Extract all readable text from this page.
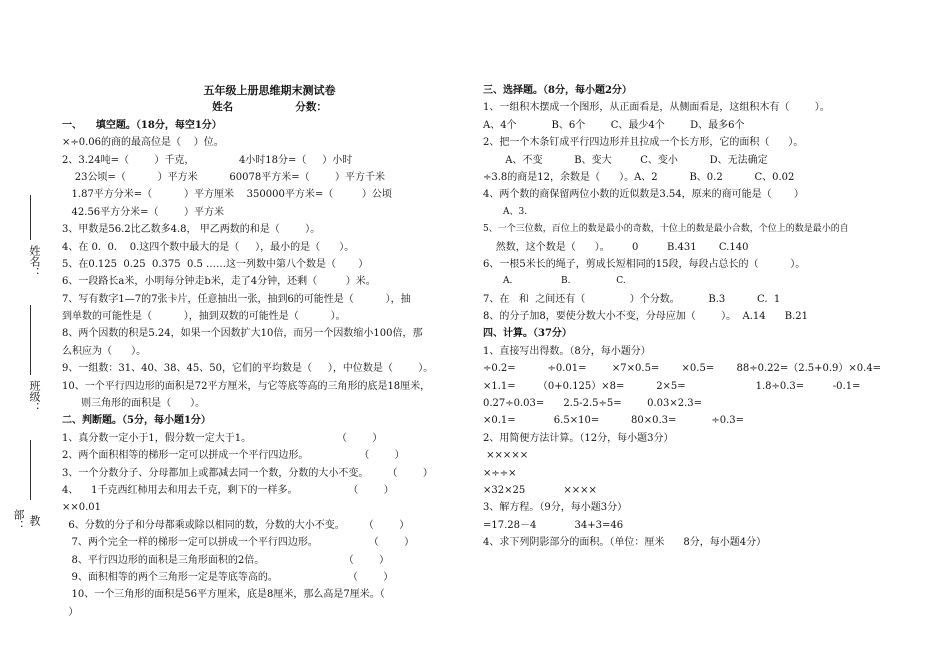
姓名：
班级：
教部：
五年级上册思维期末测试卷
姓名                 分数：
一、    填空题。（18分，每空1分）
×÷0.06的商的最高位是（    ）位。
2、3.24吨=（        ）千克，              4小时18分=（     ）小时
23公顷=（          ）平方米          60078平方米=（        ）平方千米
1.87平方分米=（          ）平方厘米    350000平方米=（         ）公顷
42.56平方分米=（        ）平方米
3、甲数是56.2比乙数多4.8， 甲乙两数的和是（        ）。
4、在 0.  0.    0.这四个数中最大的是（     ），最小的是（      ）。
5、在0.125  0.25  0.375  0.5 ……这一列数中第八个数是（       ）
6、一段路长a米，小明每分钟走b米，走了4分钟，还剩（         ）米。
7、写有数字1—7的7张卡片，任意抽出一张，抽到6的可能性是（          ），抽
到单数的可能性是（          ），抽到双数的可能性是（          ）。
8、两个因数的积是5.24，如果一个因数扩大10倍，而另一个因数缩小100倍，那
么积应为（      ）。
9、一组数：31、40、38、45、50，它们的平均数是（     ），中位数是（        ）。
10、一个平行四边形的面积是72平方厘米，与它等底等高的三角形的底是18厘米，
则三角形的面积是（      ）。
二、判断题。（5分，每小题1分）
1、真分数一定小于1，假分数一定大于1。                           （        ）
2、两个面积相等的梯形一定可以拼成一个平行四边形。                （        ）
3、一个分数分子、分母都加上或都减去同一个数，分数的大小不变。      （        ）
4、    1千克西红柿用去和用去千克，剩下的一样多。                （        ）
××0.01
6、分数的分子和分母都乘或除以相同的数，分数的大小不变。      （        ）
7、两个完全一样的梯形一定可以拼成一个平行四边形。                （        ）
8、平行四边形的面积是三角形面积的2倍。                         （        ）
9、面积相等的两个三角形一定是等底等高的。                      （        ）
10、一个三角形的面积是56平方厘米，底是8厘米，那么高是7厘米。（
）
三、选择题。（8分，每小题2分）
1、一组积木摆成一个图形，从正面看是，从侧面看是，这组积木有（        ）。
A、4个           B、6个        C、最少4个        D、最多6个
2、把一个木条钉成平行四边形并且拉成一个长方形，它的面积（      ）。
A、不变          B、变大         C、变小          D、无法确定
÷3.8的商是12，余数是（      ）。A、2          B、0.2          C、0.02
4、两个数的商保留两位小数的近似数是3.54，原来的商可能是（       ）
A、3.
5、一个三位数，百位上的数是最小的奇数，十位上的数是最小合数，个位上的数是最小的自
然数，这个数是（      ）。       0         B.431       C.140
6、一根5米长的绳子，剪成长短相同的15段，每段占总长的（          ）。
A.                 B.                C.
7、在   和  之间还有（              ）个分数。         B.3          C.  1
8、的分子加8，要使分数大小不变，分母应加（        ）。  A.14      B.21
四、计算。（37分）
1、直接写出得数。（8分，每小题分）
÷0.2=          ÷0.01=        ×7×0.5=       ×0.5=       88÷0.22=（2.5+0.9）×0.4=
×1.1=       （0+0.125）×8=          2×5=                      1.8÷0.3=         -0.1=
0.27÷0.03=      2.5-2.5÷5=        0.03×2.3=
×0.1=            6.5×10=          80×0.3=           ÷0.3=
2、用简便方法计算。（12分，每小题3分）
×××××
×÷÷×
×32×25            ××××
3、解方程。（9分，每小题3分）
=17.28－4            34+3=46
4、求下列阴影部分的面积。（单位：厘米      8分，每小题4分）
